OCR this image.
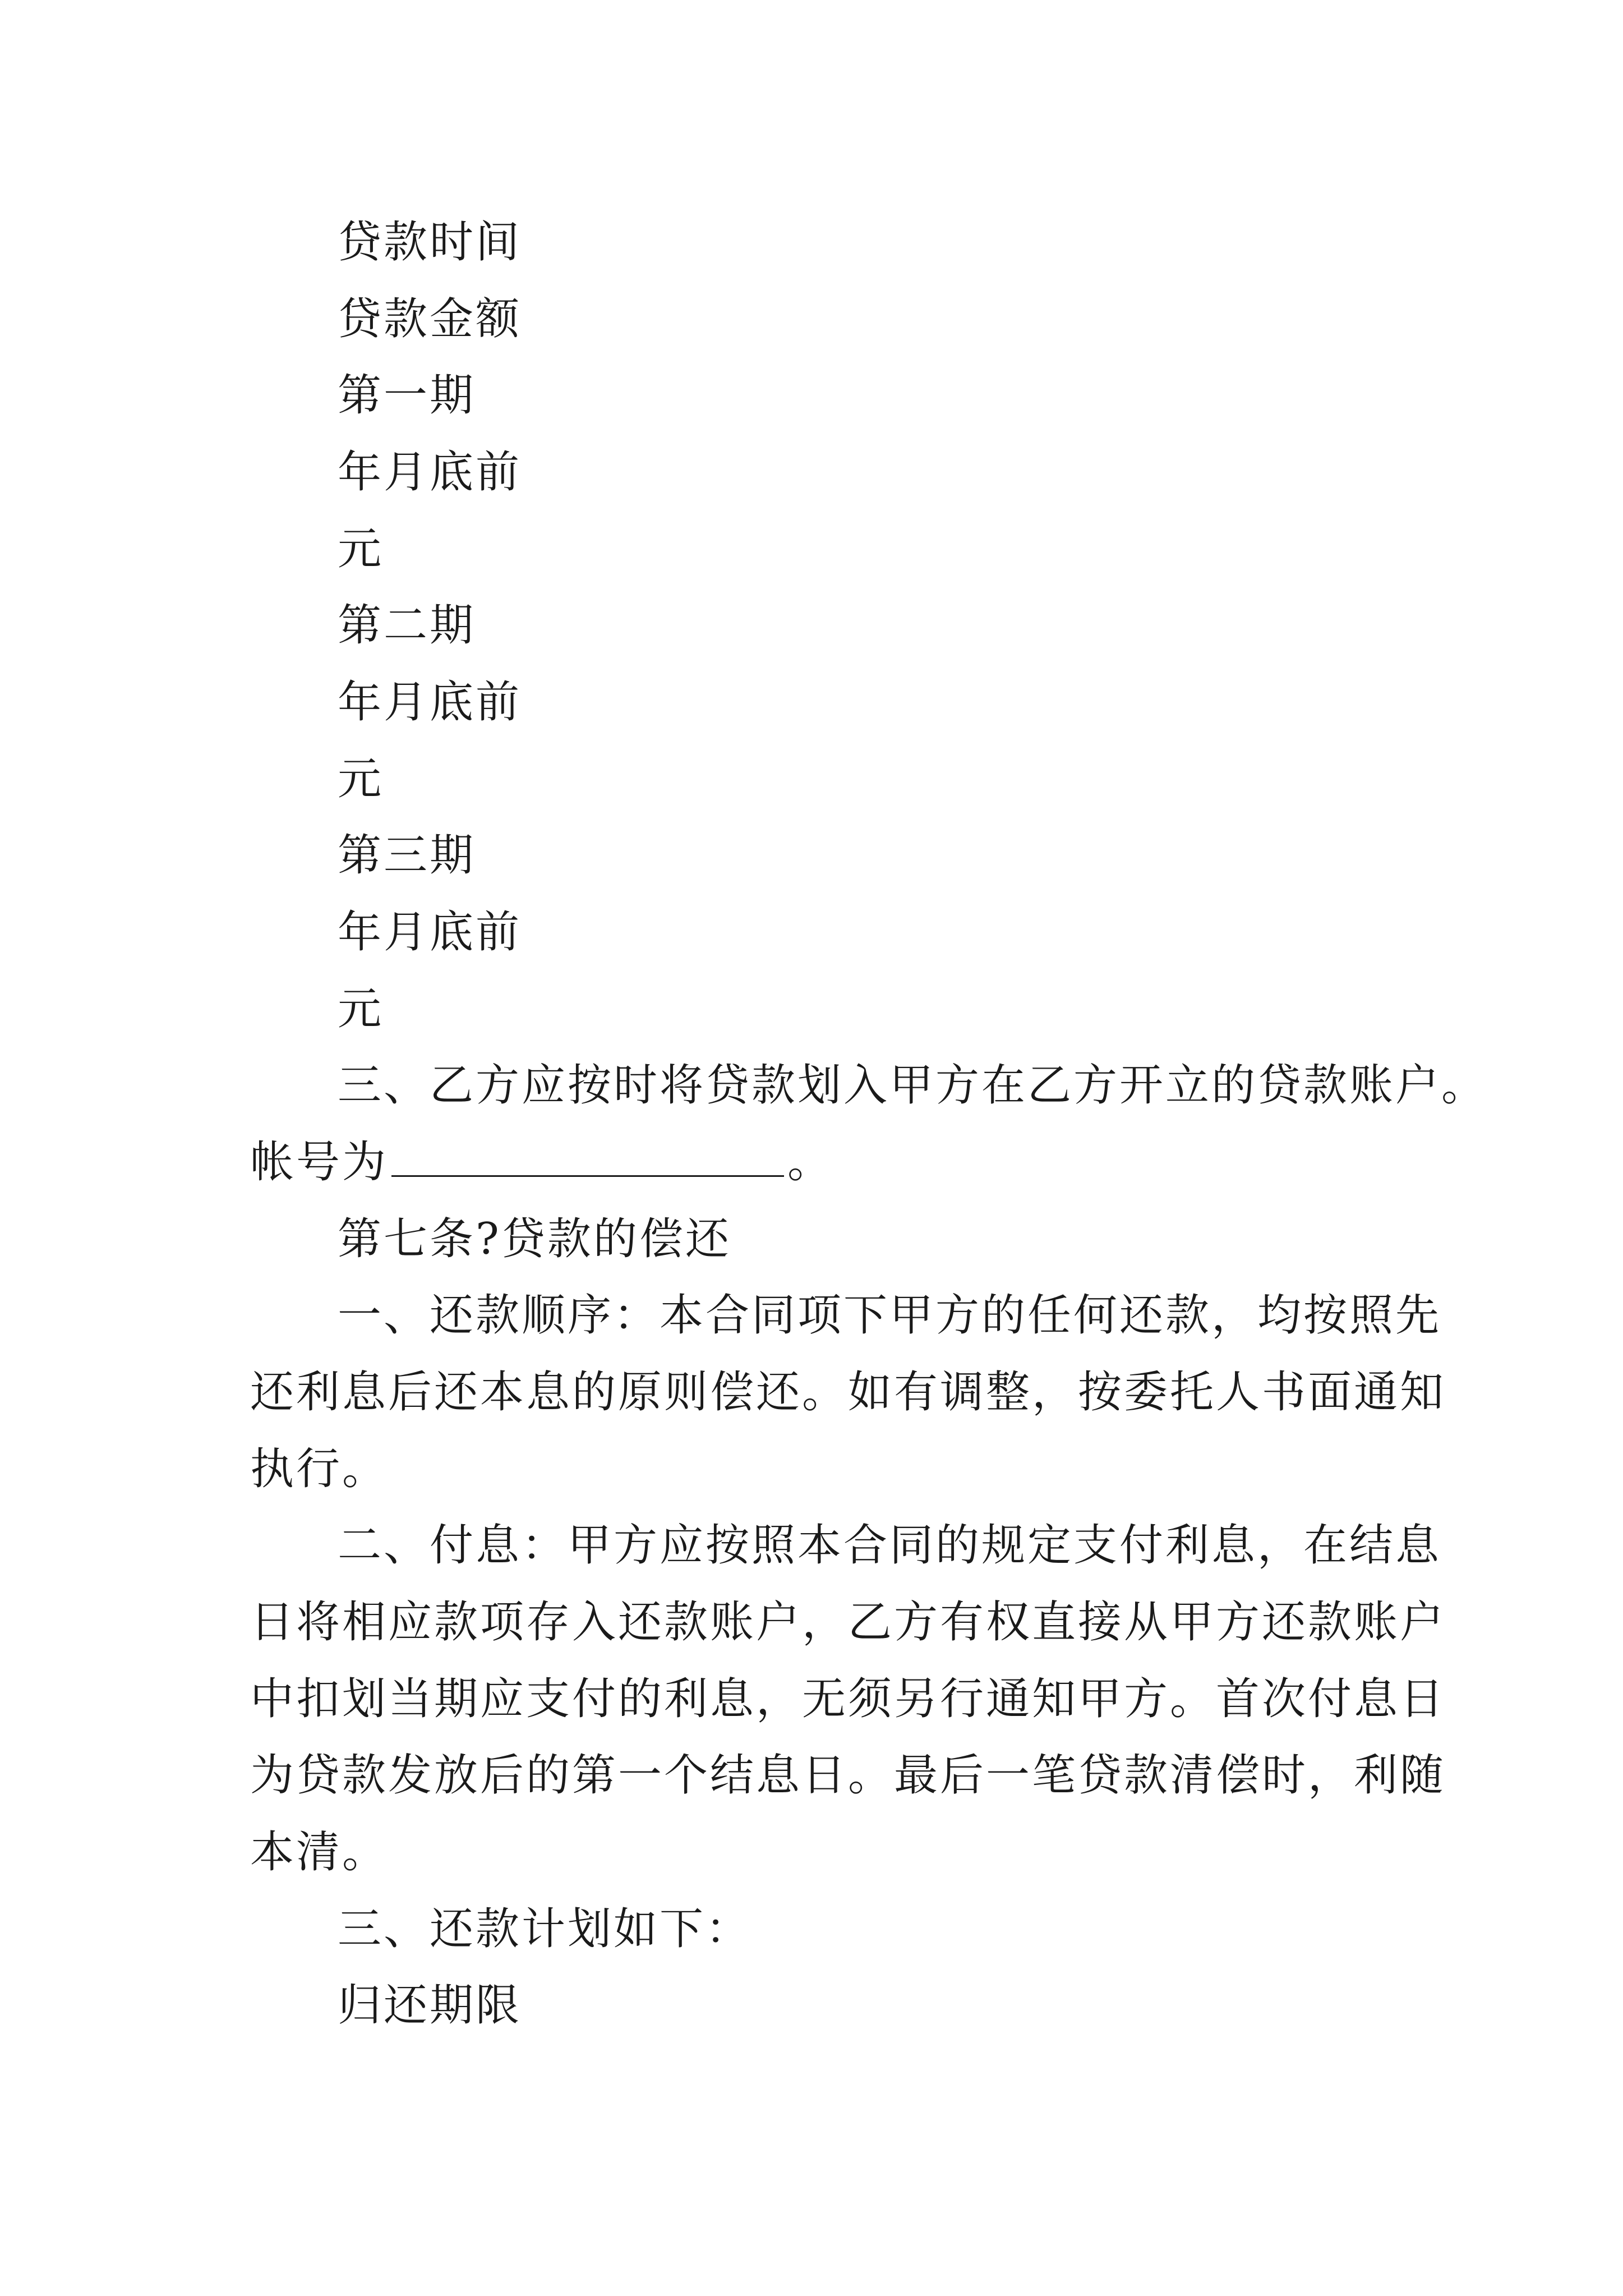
贷款时间
贷款金额
第一期
年月底前
元
第二期
年月底前
元
第三期
年月底前
元
三、乙方应按时将贷款划入甲方在乙方开立的贷款账户。
帐号为	。
第七条?贷款的偿还
一、还款顺序：本合同项下甲方的任何还款，均按照先
还利息后还本息的原则偿还。如有调整，按委托人书面通知
执行。
二、付息：甲方应按照本合同的规定支付利息，在结息
日将相应款项存入还款账户，乙方有权直接从甲方还款账户
中扣划当期应支付的利息，无须另行通知甲方。首次付息日
为贷款发放后的第一个结息日。最后一笔贷款清偿时，利随
本清。
三、还款计划如下：
归还期限
